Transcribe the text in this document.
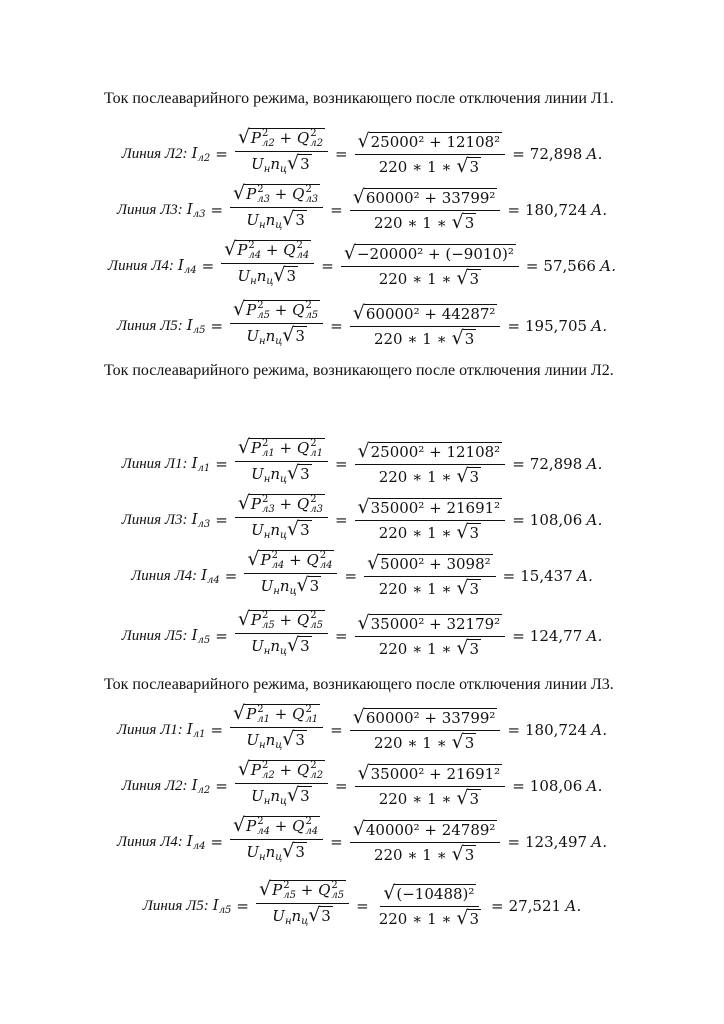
Ток послеаварийного режима, возникающего после отключения линии Л1.
Линия Л2: $I_{л2}$ = √ P 2
л2 + Q 2
л2
$U_нn_ц$ √ $3 = \frac{\text{√ 25000² + 12108²}}{220 ∗ 1 ∗ √ 3} = 72,898$ А.
Линия Л3: $I_{л3}$ = √ P 2
л3 + Q 2
л3
$U_нn_ц$ √ $3 = \frac{\text{√ 60000² + 33799²}}{220 ∗ 1 ∗ √ 3} = 180,724$ А.
Линия Л4: $I_{л4}$ = √ P 2
л4 + Q 2
л4
$U_нn_ц$ √ $3 = \frac{\text{√ −20000² + (−9010)²}}{220 ∗ 1 ∗ √ 3} = 57,566$ А.
Линия Л5: $I_{л5}$ = √ P 2
л5 + Q 2
л5
$U_нn_ц$ √ $3 = \frac{\text{√ 60000² + 44287²}}{220 ∗ 1 ∗ √ 3} = 195,705$ А.
Ток послеаварийного режима, возникающего после отключения линии Л2.
Линия Л1: $I_{л1}$ = √ P 2
л1 + Q 2
л1
$U_нn_ц$ √ $3 = \frac{\text{√ 25000² + 12108²}}{220 ∗ 1 ∗ √ 3} = 72,898$ А.
Линия Л3: $I_{л3}$ = √ P 2
л3 + Q 2
л3
$U_нn_ц$ √ $3 = \frac{\text{√ 35000² + 21691²}}{220 ∗ 1 ∗ √ 3} = 108,06$ А.
Линия Л4: $I_{л4}$ = √ P 2
л4 + Q 2
л4
$U_нn_ц$ √ $3 = \frac{\text{√ 5000² + 3098²}}{220 ∗ 1 ∗ √ 3} = 15,437$ А.
Линия Л5: $I_{л5}$ = √ P 2
л5 + Q 2
л5
$U_нn_ц$ √ $3 = \frac{\text{√ 35000² + 32179²}}{220 ∗ 1 ∗ √ 3} = 124,77$ А.
Ток послеаварийного режима, возникающего после отключения линии Л3.
Линия Л1: $I_{л1}$ = √ P 2
л1 + Q 2
л1
$U_нn_ц$ √ $3 = \frac{\text{√ 60000² + 33799²}}{220 ∗ 1 ∗ √ 3} = 180,724$ А.
Линия Л2: $I_{л2}$ = √ P 2
л2 + Q 2
л2
$U_нn_ц$ √ $3 = \frac{\text{√ 35000² + 21691²}}{220 ∗ 1 ∗ √ 3} = 108,06$ А.
Линия Л4: $I_{л4}$ = √ P 2
л4 + Q 2
л4
$U_нn_ц$ √ $3 = \frac{\text{√ 40000² + 24789²}}{220 ∗ 1 ∗ √ 3} = 123,497$ А.
Линия Л5: $I_{л5}$ = √ P 2
л5 + Q 2
л5
$U_нn_ц$ √ $3 = \frac{\text{√ (−10488)²}}{220 ∗ 1 ∗ √ 3} = 27,521$ А.
